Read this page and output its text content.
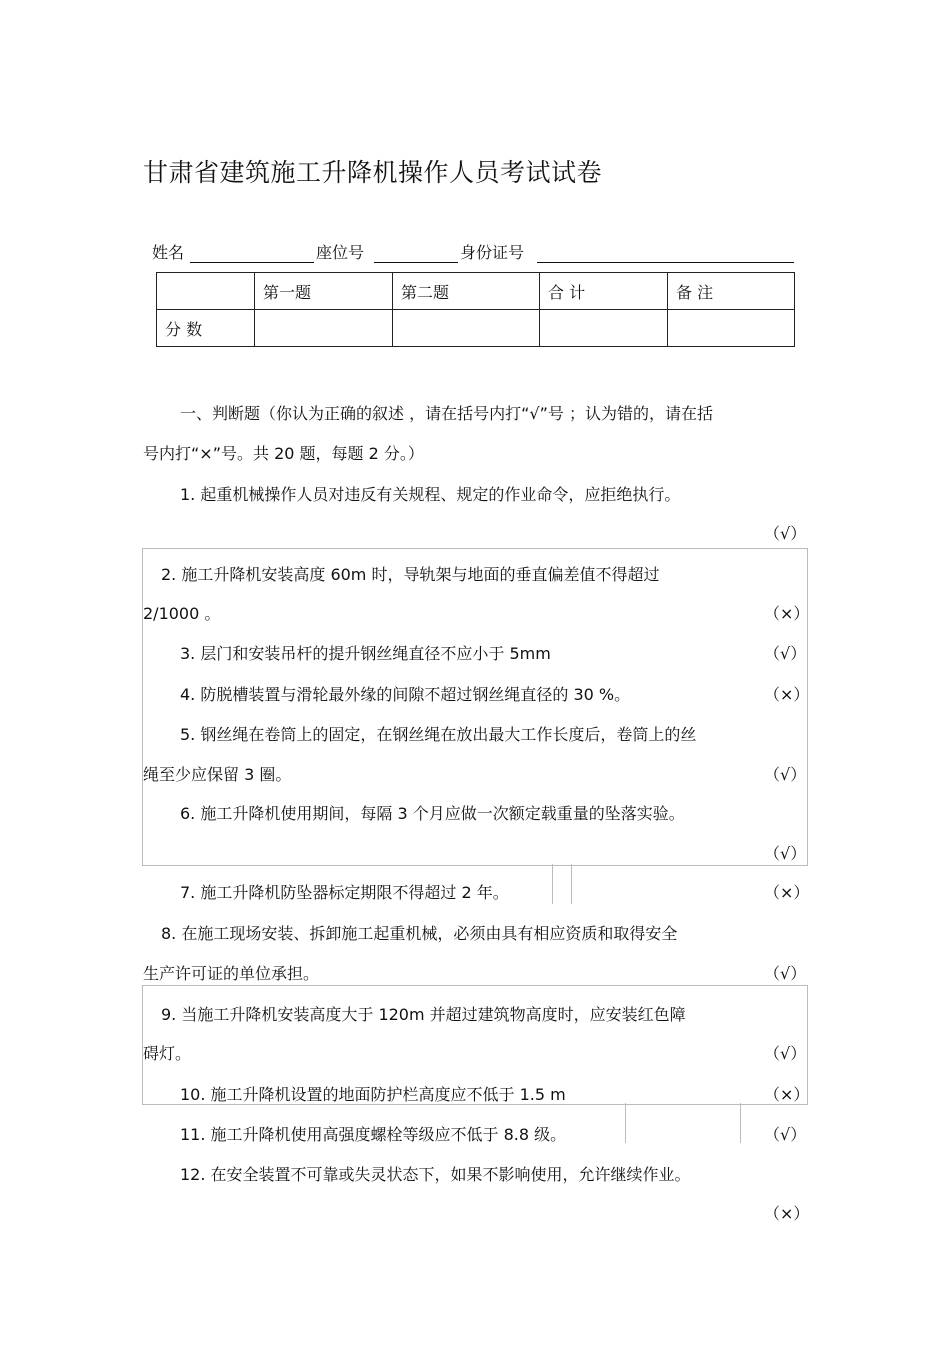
甘肃省建筑施工升降机操作人员考试试卷
姓名	座位号	身份证号
	第一题	第二题	合 计	备 注
分 数				
一、判断题（你认为正确的叙述 ，请在括号内打“√”号 ；认为错的，请在括
号内打“×”号。共 20 题，每题 2 分。）
1. 起重机械操作人员对违反有关规程、规定的作业命令，应拒绝执行。
（√）
2. 施工升降机安装高度 60m 时，导轨架与地面的垂直偏差值不得超过
2/1000 。	（×）
3. 层门和安装吊杆的提升钢丝绳直径不应小于 5mm	（√）
4. 防脱槽装置与滑轮最外缘的间隙不超过钢丝绳直径的 30 %。	（×）
5. 钢丝绳在卷筒上的固定，在钢丝绳在放出最大工作长度后，卷筒上的丝
绳至少应保留 3 圈。	（√）
6. 施工升降机使用期间，每隔 3 个月应做一次额定载重量的坠落实验。
（√）
7. 施工升降机防坠器标定期限不得超过 2 年。	（×）
8. 在施工现场安装、拆卸施工起重机械，必须由具有相应资质和取得安全
生产许可证的单位承担。	（√）
9. 当施工升降机安装高度大于 120m 并超过建筑物高度时，应安装红色障
碍灯。	（√）
10. 施工升降机设置的地面防护栏高度应不低于 1.5 m	（×）
11. 施工升降机使用高强度螺栓等级应不低于 8.8 级。	（√）
12. 在安全装置不可靠或失灵状态下，如果不影响使用，允许继续作业。
（×）
